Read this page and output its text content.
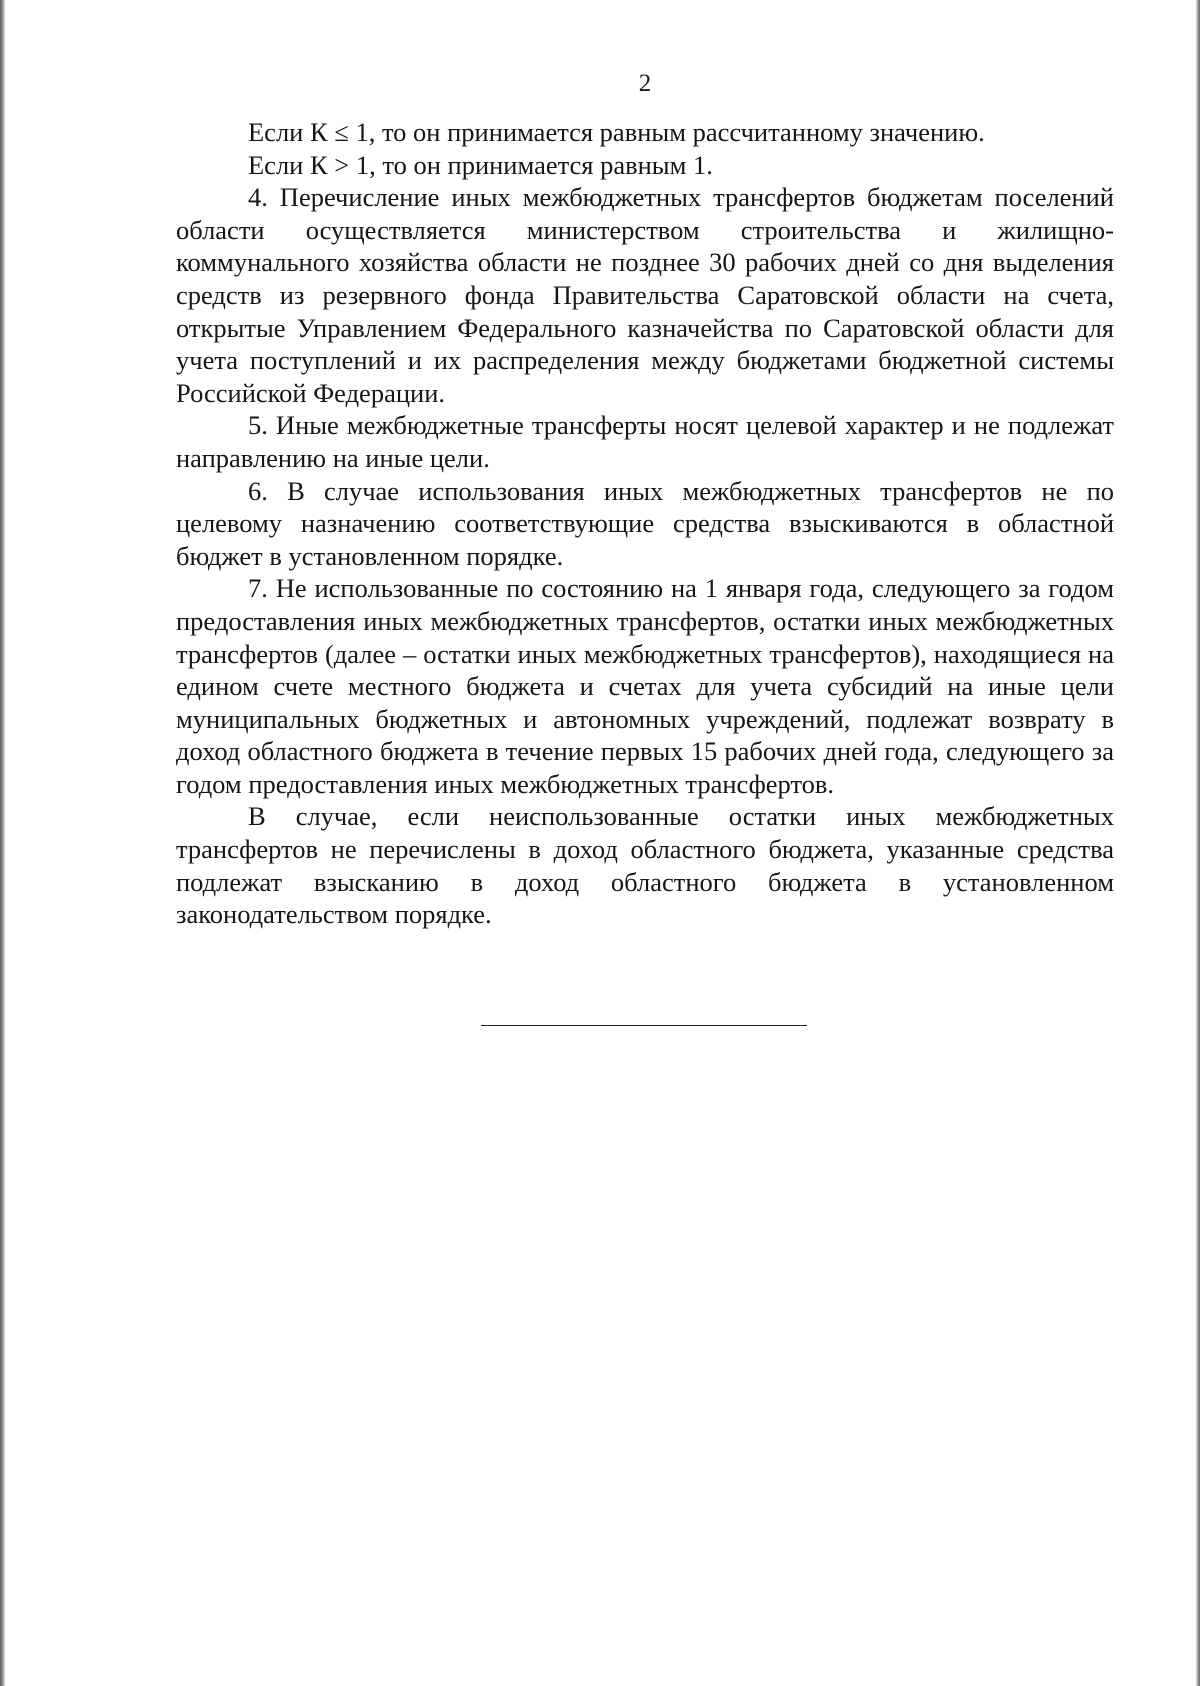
2

Если К ≤ 1, то он принимается равным рассчитанному значению.

Если К > 1, то он принимается равным 1.

4. Перечисление иных межбюджетных трансфертов бюджетам поселений области осуществляется министерством строительства и жилищно-коммунального хозяйства области не позднее 30 рабочих дней со дня выделения средств из резервного фонда Правительства Саратовской области на счета, открытые Управлением Федерального казначейства по Саратовской области для учета поступлений и их распределения между бюджетами бюджетной системы Российской Федерации.

5. Иные межбюджетные трансферты носят целевой характер и не подлежат направлению на иные цели.

6. В случае использования иных межбюджетных трансфертов не по целевому назначению соответствующие средства взыскиваются в областной бюджет в установленном порядке.

7. Не использованные по состоянию на 1 января года, следующего за годом предоставления иных межбюджетных трансфертов, остатки иных межбюджетных трансфертов (далее – остатки иных межбюджетных трансфертов), находящиеся на едином счете местного бюджета и счетах для учета субсидий на иные цели муниципальных бюджетных и автономных учреждений, подлежат возврату в доход областного бюджета в течение первых 15 рабочих дней года, следующего за годом предоставления иных межбюджетных трансфертов.

В случае, если неиспользованные остатки иных межбюджетных трансфертов не перечислены в доход областного бюджета, указанные средства подлежат взысканию в доход областного бюджета в установленном законодательством порядке.
